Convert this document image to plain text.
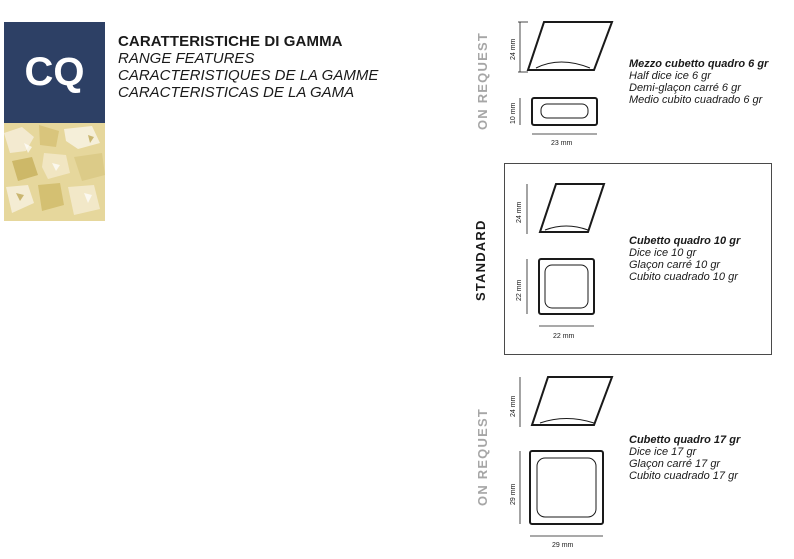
CQ
CARATTERISTICHE DI GAMMA
RANGE FEATURES
CARACTERISTIQUES DE LA GAMME
CARACTERISTICAS DE LA GAMA	ON REQUEST
STANDARD
ON REQUEST
24 mm
10 mm
23 mm
24 mm
22 mm
22 mm
24 mm
29 mm
29 mm
Mezzo cubetto quadro 6 gr
Half dice ice 6 gr
Demi-glaçon carré 6 gr
Medio cubito cuadrado 6 gr
Cubetto quadro 10 gr
Dice ice 10 gr
Glaçon carré 10 gr
Cubito cuadrado 10 gr
Cubetto quadro 17 gr
Dice ice 17 gr
Glaçon carré 17 gr
Cubito cuadrado 17 gr
